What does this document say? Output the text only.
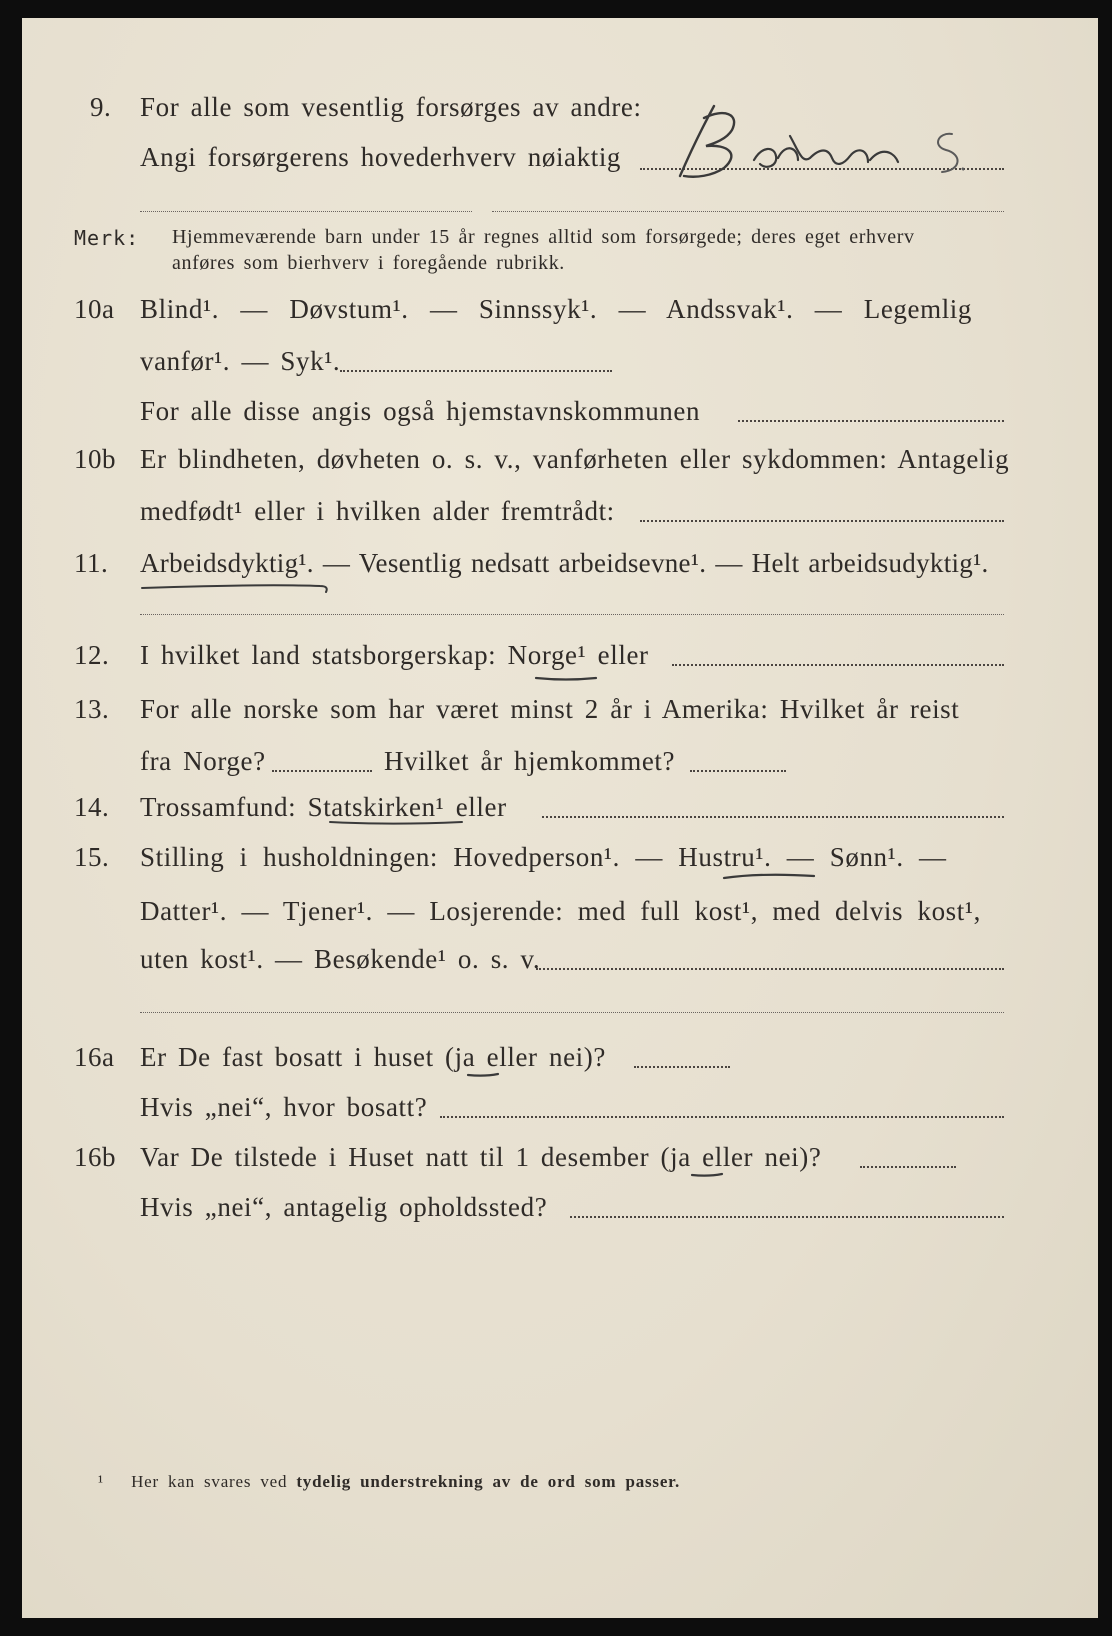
9. For alle som vesentlig forsørges av andre:
Angi forsørgerens hovederhverv nøiaktig
Merk: Hjemmeværende barn under 15 år regnes alltid som forsørgede; deres eget erhverv
anføres som bierhverv i foregående rubrikk.
10a Blind¹. — Døvstum¹. — Sinnssyk¹. — Andssvak¹. — Legemlig
vanfør¹. — Syk¹.
For alle disse angis også hjemstavnskommunen
10b Er blindheten, døvheten o. s. v., vanførheten eller sykdommen: Antagelig
medfødt¹ eller i hvilken alder fremtrådt:
11. Arbeidsdyktig¹. — Vesentlig nedsatt arbeidsevne¹. — Helt arbeidsudyktig¹.
12. I hvilket land statsborgerskap: Norge¹ eller
13. For alle norske som har været minst 2 år i Amerika: Hvilket år reist
fra Norge?	Hvilket år hjemkommet?
14. Trossamfund: Statskirken¹ eller
15. Stilling i husholdningen: Hovedperson¹. — Hustru¹. — Sønn¹. —
Datter¹. — Tjener¹. — Losjerende: med full kost¹, med delvis kost¹,
uten kost¹. — Besøkende¹ o. s. v.
16a Er De fast bosatt i huset (ja eller nei)?
Hvis „nei“, hvor bosatt?
16b Var De tilstede i Huset natt til 1 desember (ja eller nei)?
Hvis „nei“, antagelig opholdssted?
¹ Her kan svares ved tydelig understrekning av de ord som passer.
